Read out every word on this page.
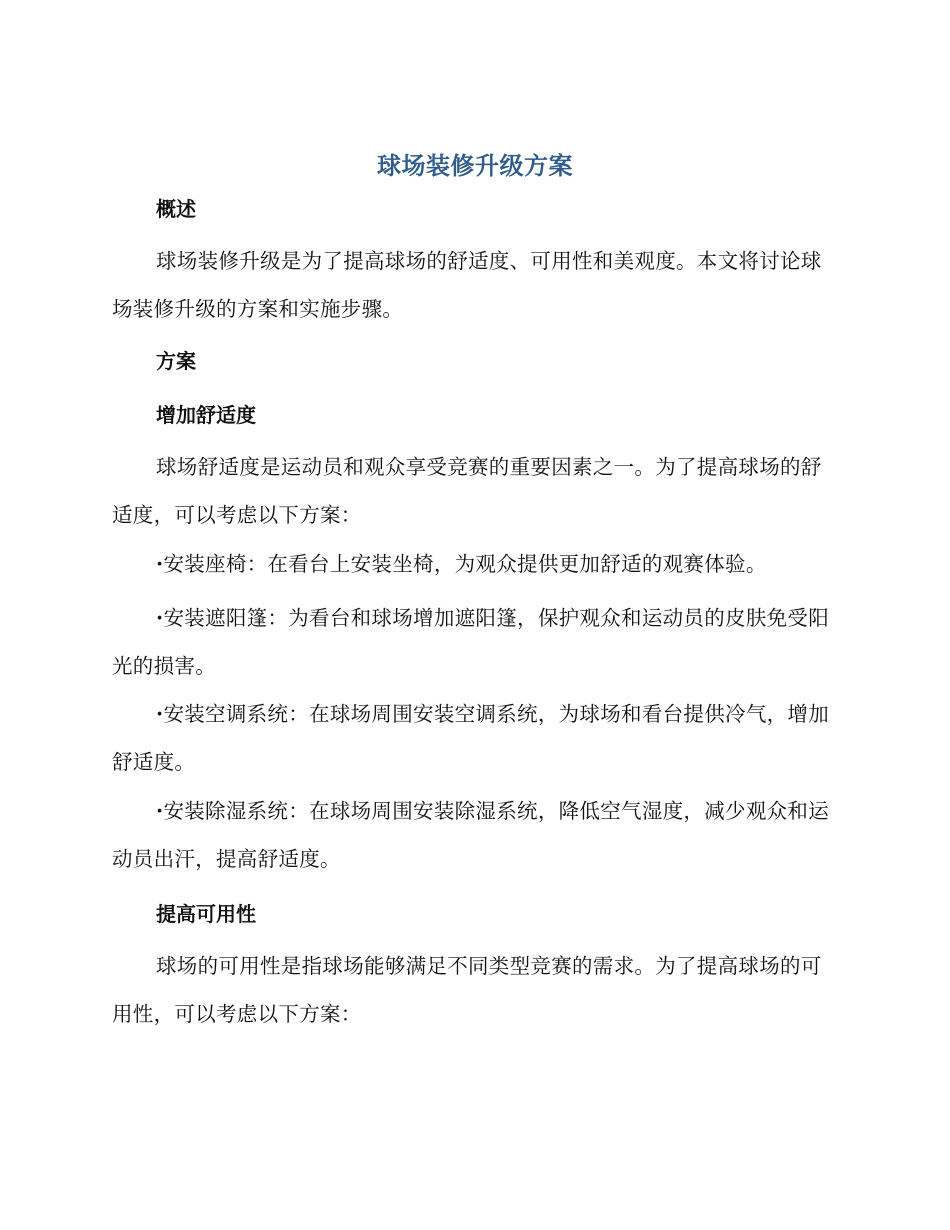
球场装修升级方案
概述

球场装修升级是为了提高球场的舒适度、可用性和美观度。本文将讨论球场装修升级的方案和实施步骤。

方案
增加舒适度

球场舒适度是运动员和观众享受竞赛的重要因素之一。为了提高球场的舒适度，可以考虑以下方案：

·安装座椅：在看台上安装坐椅，为观众提供更加舒适的观赛体验。

·安装遮阳篷：为看台和球场增加遮阳篷，保护观众和运动员的皮肤免受阳光的损害。

·安装空调系统：在球场周围安装空调系统，为球场和看台提供冷气，增加舒适度。

·安装除湿系统：在球场周围安装除湿系统，降低空气湿度，减少观众和运动员出汗，提高舒适度。

提高可用性

球场的可用性是指球场能够满足不同类型竞赛的需求。为了提高球场的可用性，可以考虑以下方案：
